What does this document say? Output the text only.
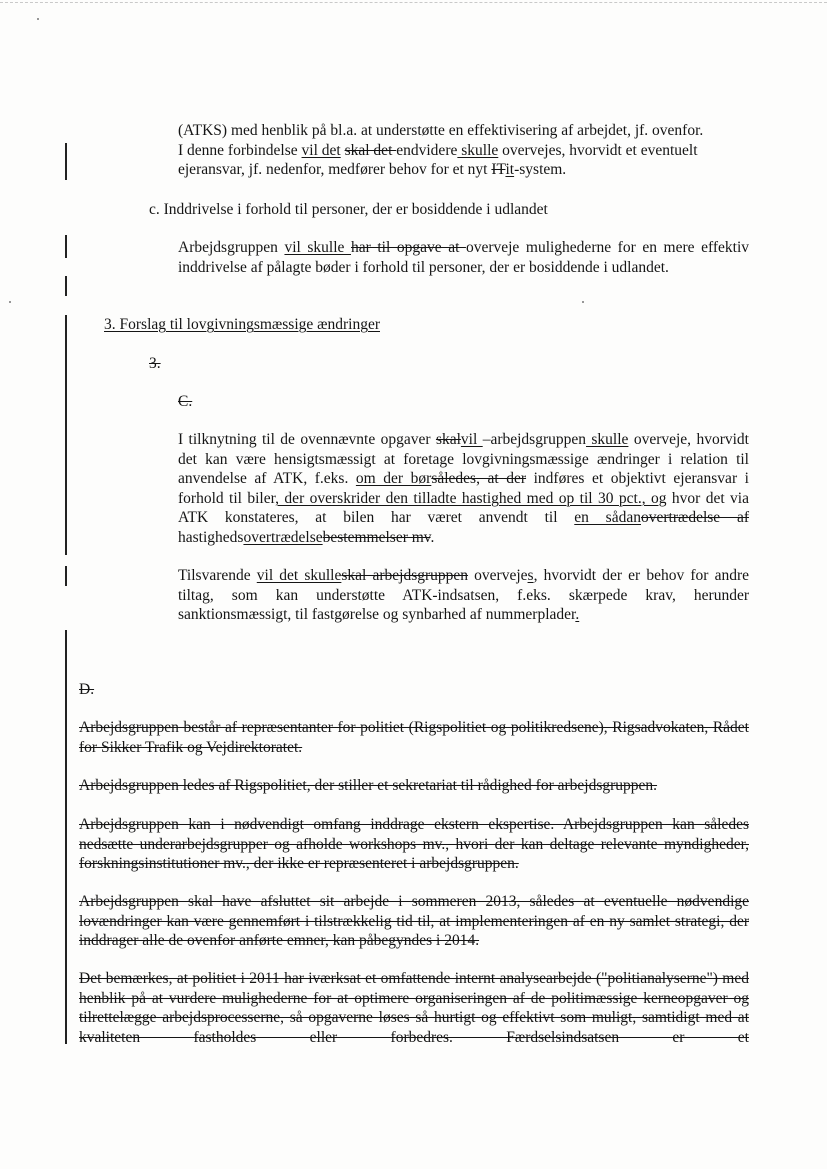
(ATKS) med henblik på bl.a. at understøtte en effektivisering af arbejdet, jf. ovenfor.
I denne forbindelse vil det skal det endvidere skulle overvejes, hvorvidt et eventuelt
ejeransvar, jf. nedenfor, medfører behov for et nyt ITit-system.
c. Inddrivelse i forhold til personer, der er bosiddende i udlandet
Arbejdsgruppen vil skulle har til opgave at overveje mulighederne for en mere effektiv inddrivelse af pålagte bøder i forhold til personer, der er bosiddende i udlandet.
3. Forslag til lovgivningsmæssige ændringer
3.
C.
I tilknytning til de ovennævnte opgaver skalvil –arbejdsgruppen skulle overveje, hvorvidt det kan være hensigtsmæssigt at foretage lovgivningsmæssige ændringer i relation til anvendelse af ATK, f.eks. om der børsåledes, at der indføres et objektivt ejeransvar i forhold til biler, der overskrider den tilladte hastighed med op til 30 pct., og hvor det via ATK konstateres, at bilen har været anvendt til en sådanovertrædelse af hastighedsovertrædelsebestemmelser mv.
Tilsvarende vil det skulleskal arbejdsgruppen overvejes, hvorvidt der er behov for andre tiltag, som kan understøtte ATK-indsatsen, f.eks. skærpede krav, herunder sanktionsmæssigt, til fastgørelse og synbarhed af nummerplader.
D.
Arbejdsgruppen består af repræsentanter for politiet (Rigspolitiet og politikredsene), Rigsadvokaten, Rådet for Sikker Trafik og Vejdirektoratet.
Arbejdsgruppen ledes af Rigspolitiet, der stiller et sekretariat til rådighed for arbejdsgruppen.
Arbejdsgruppen kan i nødvendigt omfang inddrage ekstern ekspertise. Arbejdsgruppen kan således nedsætte underarbejdsgrupper og afholde workshops mv., hvori der kan deltage relevante myndigheder, forskningsinstitutioner mv., der ikke er repræsenteret i arbejdsgruppen.
Arbejdsgruppen skal have afsluttet sit arbejde i sommeren 2013, således at eventuelle nødvendige lovændringer kan være gennemført i tilstrækkelig tid til, at implementeringen af en ny samlet strategi, der inddrager alle de ovenfor anførte emner, kan påbegyndes i 2014.
Det bemærkes, at politiet i 2011 har iværksat et omfattende internt analysearbejde ("politianalyserne") med henblik på at vurdere mulighederne for at optimere organiseringen af de politimæssige kerneopgaver og tilrettelægge arbejdsprocesserne, så opgaverne løses så hurtigt og effektivt som muligt, samtidigt med at kvaliteten fastholdes eller forbedres. Færdselsindsatsen er et
